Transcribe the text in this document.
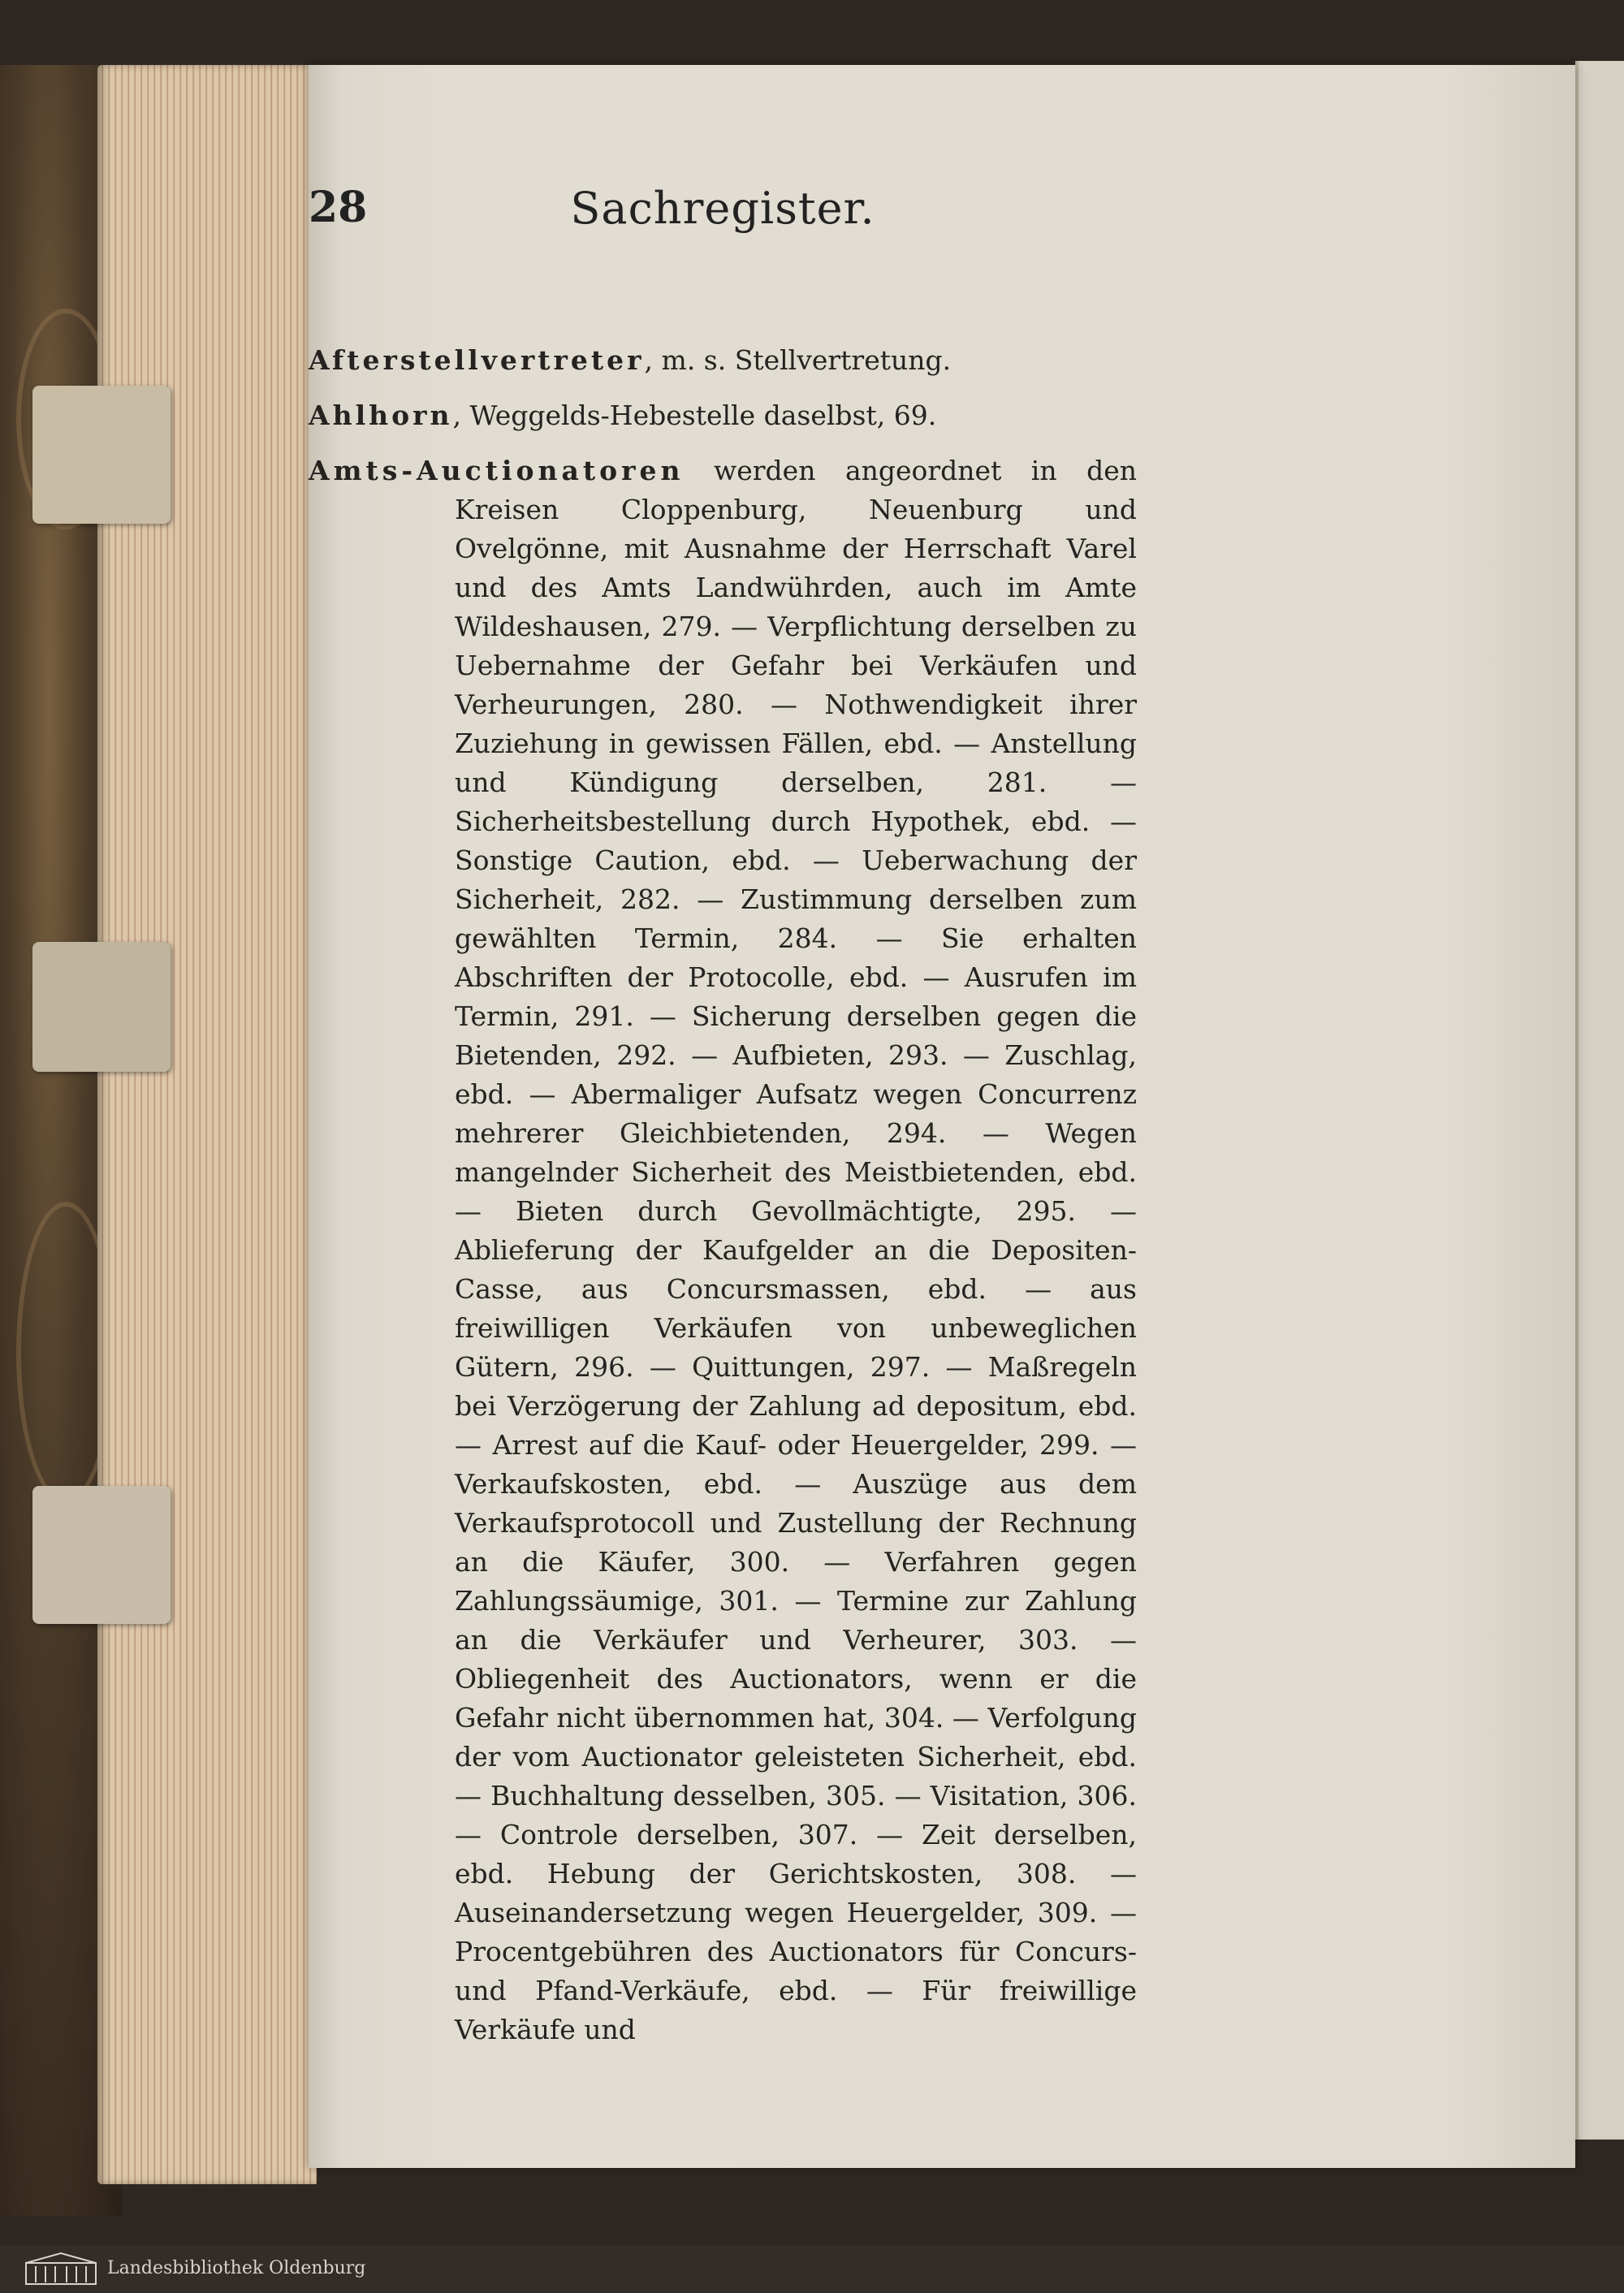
28	Sachregister.

Afterstellvertreter, m. s. Stellvertretung.

Ahlhorn, Weggelds-Hebestelle daselbst, 69.

Amts-Auctionatoren werden angeordnet in den Kreisen Cloppenburg, Neuenburg und Ovelgönne, mit Ausnahme der Herrschaft Varel und des Amts Landwührden, auch im Amte Wildeshausen, 279. — Verpflichtung derselben zu Uebernahme der Gefahr bei Verkäufen und Verheurungen, 280. — Nothwendigkeit ihrer Zuziehung in gewissen Fällen, ebd. — Anstellung und Kündigung derselben, 281. — Sicherheitsbestellung durch Hypothek, ebd. — Sonstige Caution, ebd. — Ueberwachung der Sicherheit, 282. — Zustimmung derselben zum gewählten Termin, 284. — Sie erhalten Abschriften der Protocolle, ebd. — Ausrufen im Termin, 291. — Sicherung derselben gegen die Bietenden, 292. — Aufbieten, 293. — Zuschlag, ebd. — Abermaliger Aufsatz wegen Concurrenz mehrerer Gleichbietenden, 294. — Wegen mangelnder Sicherheit des Meistbietenden, ebd. — Bieten durch Gevollmächtigte, 295. — Ablieferung der Kaufgelder an die Depositen-Casse, aus Concursmassen, ebd. — aus freiwilligen Verkäufen von unbeweglichen Gütern, 296. — Quittungen, 297. — Maßregeln bei Verzögerung der Zahlung ad depositum, ebd. — Arrest auf die Kauf- oder Heuergelder, 299. — Verkaufskosten, ebd. — Auszüge aus dem Verkaufsprotocoll und Zustellung der Rechnung an die Käufer, 300. — Verfahren gegen Zahlungssäumige, 301. — Termine zur Zahlung an die Verkäufer und Verheurer, 303. — Obliegenheit des Auctionators, wenn er die Gefahr nicht übernommen hat, 304. — Verfolgung der vom Auctionator geleisteten Sicherheit, ebd. — Buchhaltung desselben, 305. — Visitation, 306. — Controle derselben, 307. — Zeit derselben, ebd. Hebung der Gerichtskosten, 308. — Auseinandersetzung wegen Heuergelder, 309. — Procentgebühren des Auctionators für Concurs- und Pfand-Verkäufe, ebd. — Für freiwillige Verkäufe und

Landesbibliothek Oldenburg
